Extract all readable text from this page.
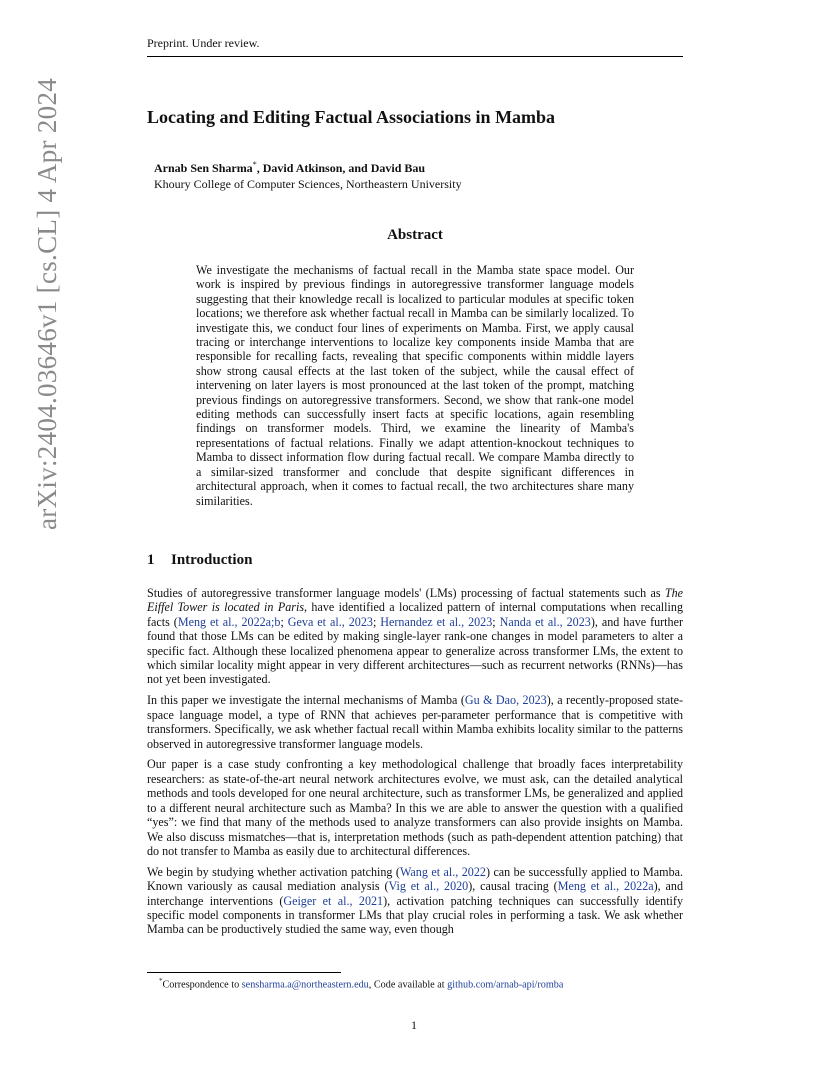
Preprint. Under review.
Locating and Editing Factual Associations in Mamba
Arnab Sen Sharma*, David Atkinson, and David Bau
Khoury College of Computer Sciences, Northeastern University
Abstract

We investigate the mechanisms of factual recall in the Mamba state space model. Our work is inspired by previous findings in autoregressive transformer language models suggesting that their knowledge recall is localized to particular modules at specific token locations; we therefore ask whether factual recall in Mamba can be similarly localized. To investigate this, we conduct four lines of experiments on Mamba. First, we apply causal tracing or interchange interventions to localize key components inside Mamba that are responsible for recalling facts, revealing that specific components within middle layers show strong causal effects at the last token of the subject, while the causal effect of intervening on later layers is most pronounced at the last token of the prompt, matching previous findings on autoregressive transformers. Second, we show that rank-one model editing methods can successfully insert facts at specific locations, again resembling findings on transformer models. Third, we examine the linearity of Mamba's representations of factual relations. Finally we adapt attention-knockout techniques to Mamba to dissect information flow during factual recall. We compare Mamba directly to a similar-sized transformer and conclude that despite significant differences in architectural approach, when it comes to factual recall, the two architectures share many similarities.

1 Introduction

Studies of autoregressive transformer language models' (LMs) processing of factual statements such as The Eiffel Tower is located in Paris, have identified a localized pattern of internal computations when recalling facts (Meng et al., 2022a;b; Geva et al., 2023; Hernandez et al., 2023; Nanda et al., 2023), and have further found that those LMs can be edited by making single-layer rank-one changes in model parameters to alter a specific fact. Although these localized phenomena appear to generalize across transformer LMs, the extent to which similar locality might appear in very different architectures—such as recurrent networks (RNNs)—has not yet been investigated.

In this paper we investigate the internal mechanisms of Mamba (Gu & Dao, 2023), a recently-proposed state-space language model, a type of RNN that achieves per-parameter performance that is competitive with transformers. Specifically, we ask whether factual recall within Mamba exhibits locality similar to the patterns observed in autoregressive transformer language models.

Our paper is a case study confronting a key methodological challenge that broadly faces interpretability researchers: as state-of-the-art neural network architectures evolve, we must ask, can the detailed analytical methods and tools developed for one neural architecture, such as transformer LMs, be generalized and applied to a different neural architecture such as Mamba? In this we are able to answer the question with a qualified “yes”: we find that many of the methods used to analyze transformers can also provide insights on Mamba. We also discuss mismatches—that is, interpretation methods (such as path-dependent attention patching) that do not transfer to Mamba as easily due to architectural differences.

We begin by studying whether activation patching (Wang et al., 2022) can be successfully applied to Mamba. Known variously as causal mediation analysis (Vig et al., 2020), causal tracing (Meng et al., 2022a), and interchange interventions (Geiger et al., 2021), activation patching techniques can successfully identify specific model components in transformer LMs that play crucial roles in performing a task. We ask whether Mamba can be productively studied the same way, even though

*Correspondence to sensharma.a@northeastern.edu, Code available at github.com/arnab-api/romba
1
arXiv:2404.03646v1 [cs.CL] 4 Apr 2024
